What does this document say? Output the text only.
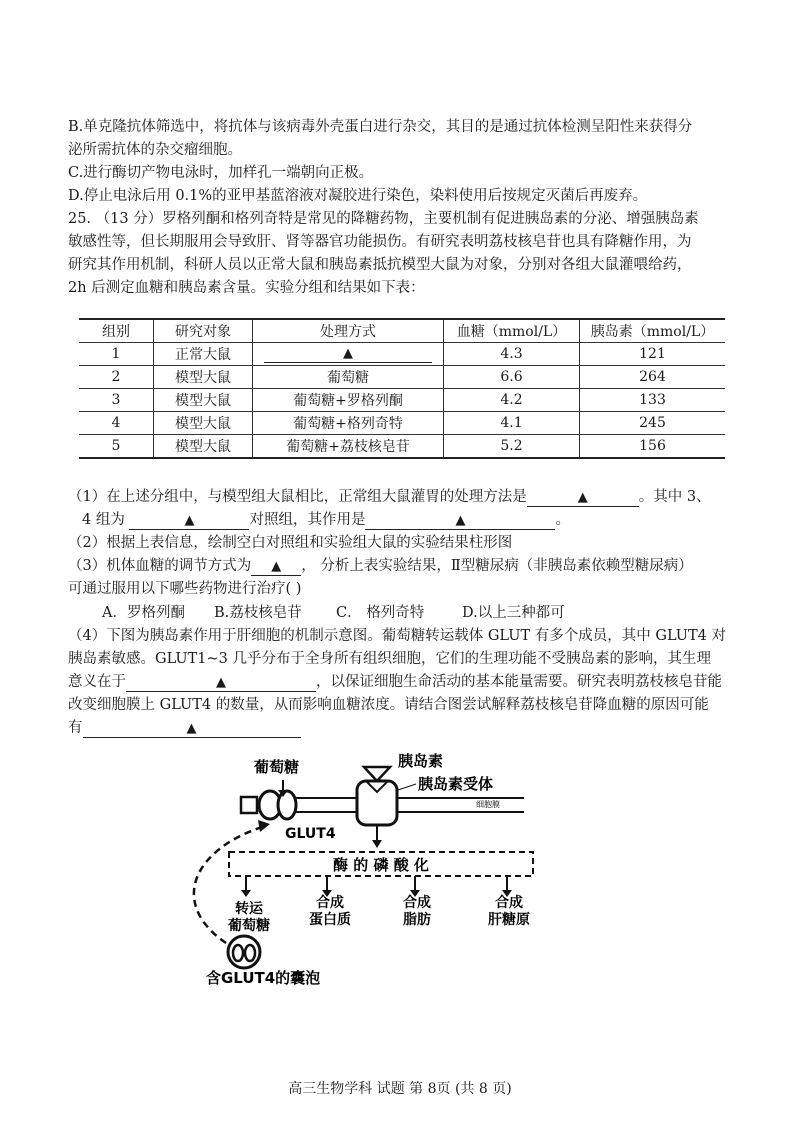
B.单克隆抗体筛选中，将抗体与该病毒外壳蛋白进行杂交，其目的是通过抗体检测呈阳性来获得分
泌所需抗体的杂交瘤细胞。
C.进行酶切产物电泳时，加样孔一端朝向正极。
D.停止电泳后用 0.1%的亚甲基蓝溶液对凝胶进行染色，染料使用后按规定灭菌后再废弃。
25. （13 分）罗格列酮和格列奇特是常见的降糖药物，主要机制有促进胰岛素的分泌、增强胰岛素
敏感性等，但长期服用会导致肝、肾等器官功能损伤。有研究表明荔枝核皂苷也具有降糖作用，为
研究其作用机制，科研人员以正常大鼠和胰岛素抵抗模型大鼠为对象，分别对各组大鼠灌喂给药，
2h 后测定血糖和胰岛素含量。实验分组和结果如下表：
组别	研究对象	处理方式	血糖（mmol/L）	胰岛素（mmol/L）
1	正常大鼠	▲	4.3	121
2	模型大鼠	葡萄糖	6.6	264
3	模型大鼠	葡萄糖+罗格列酮	4.2	133
4	模型大鼠	葡萄糖+格列奇特	4.1	245
5	模型大鼠	葡萄糖+荔枝核皂苷	5.2	156
（1）在上述分组中，与模型组大鼠相比，正常组大鼠灌胃的处理方法是	▲	。其中 3、
4 组为	▲	对照组，其作用是	▲	。
（2）根据上表信息，绘制空白对照组和实验组大鼠的实验结果柱形图
（3）机体血糖的调节方式为 ▲ ， 分析上表实验结果，Ⅱ型糖尿病（非胰岛素依赖型糖尿病）
可通过服用以下哪些药物进行治疗( )
A．罗格列酮 B.荔枝核皂苷 C． 格列奇特	D.以上三种都可
（4）下图为胰岛素作用于肝细胞的机制示意图。葡萄糖转运载体 GLUT 有多个成员，其中 GLUT4 对
胰岛素敏感。GLUT1~3 几乎分布于全身所有组织细胞，它们的生理功能不受胰岛素的影响，其生理
意义在于	▲	，以保证细胞生命活动的基本能量需要。研究表明荔枝核皂苷能
改变细胞膜上 GLUT4 的数量，从而影响血糖浓度。请结合图尝试解释荔枝核皂苷降血糖的原因可能
有	▲
细胞膜
葡萄糖
GLUT4
胰岛素
胰岛素受体
酶 的 磷 酸 化
转运
葡萄糖
合成
蛋白质
合成
脂肪
合成
肝糖原
含GLUT4的囊泡
高三生物学科 试题 第 8页 (共 8 页)
